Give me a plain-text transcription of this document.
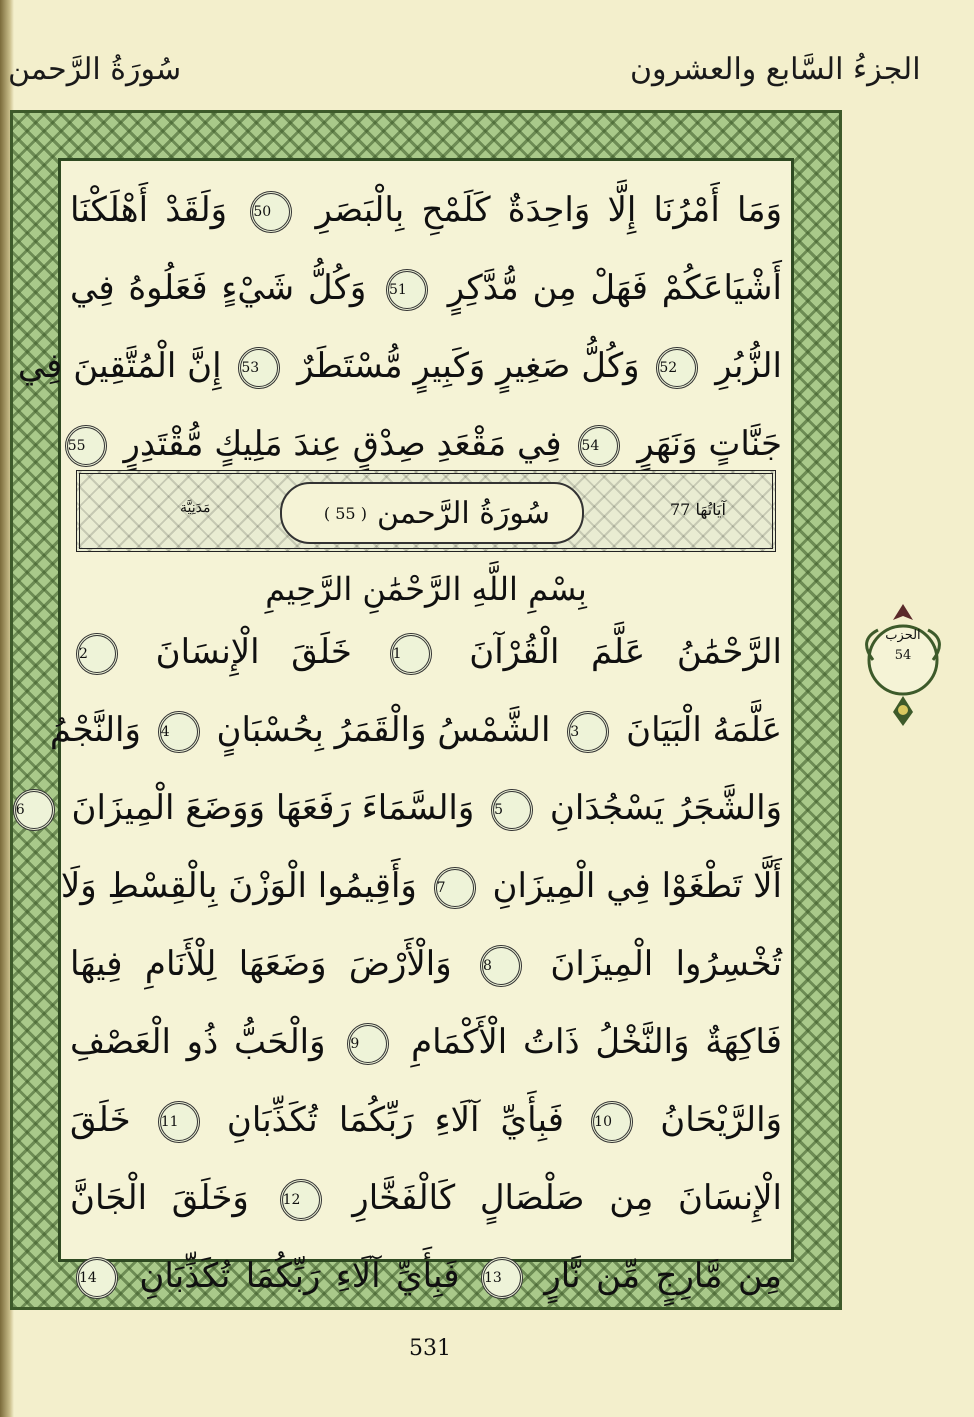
الجزءُ السَّابع والعشرون
سُورَةُ الرَّحمن
وَمَا أَمْرُنَا إِلَّا وَاحِدَةٌ كَلَمْحِ بِالْبَصَرِ 50 وَلَقَدْ أَهْلَكْنَا
أَشْيَاعَكُمْ فَهَلْ مِن مُّدَّكِرٍ 51 وَكُلُّ شَيْءٍ فَعَلُوهُ فِي
الزُّبُرِ 52 وَكُلُّ صَغِيرٍ وَكَبِيرٍ مُّسْتَطَرٌ 53 إِنَّ الْمُتَّقِينَ فِي
جَنَّاتٍ وَنَهَرٍ 54 فِي مَقْعَدِ صِدْقٍ عِندَ مَلِيكٍ مُّقْتَدِرٍ 55
مَدَنِيَّة	سُورَةُ الرَّحمن
( 55 )	آيَاتُهَا 77
بِسْمِ اللَّهِ الرَّحْمَٰنِ الرَّحِيمِ
الرَّحْمَٰنُ عَلَّمَ الْقُرْآنَ 1 خَلَقَ الْإِنسَانَ 2
عَلَّمَهُ الْبَيَانَ 3 الشَّمْسُ وَالْقَمَرُ بِحُسْبَانٍ 4 وَالنَّجْمُ
وَالشَّجَرُ يَسْجُدَانِ 5 وَالسَّمَاءَ رَفَعَهَا وَوَضَعَ الْمِيزَانَ 6
أَلَّا تَطْغَوْا فِي الْمِيزَانِ 7 وَأَقِيمُوا الْوَزْنَ بِالْقِسْطِ وَلَا
تُخْسِرُوا الْمِيزَانَ 8 وَالْأَرْضَ وَضَعَهَا لِلْأَنَامِ فِيهَا
فَاكِهَةٌ وَالنَّخْلُ ذَاتُ الْأَكْمَامِ 9 وَالْحَبُّ ذُو الْعَصْفِ
وَالرَّيْحَانُ 10 فَبِأَيِّ آلَاءِ رَبِّكُمَا تُكَذِّبَانِ 11 خَلَقَ
الْإِنسَانَ مِن صَلْصَالٍ كَالْفَخَّارِ 12 وَخَلَقَ الْجَانَّ
مِن مَّارِجٍ مِّن نَّارٍ 13 فَبِأَيِّ آلَاءِ رَبِّكُمَا تُكَذِّبَانِ 14
الحزب
54
531
